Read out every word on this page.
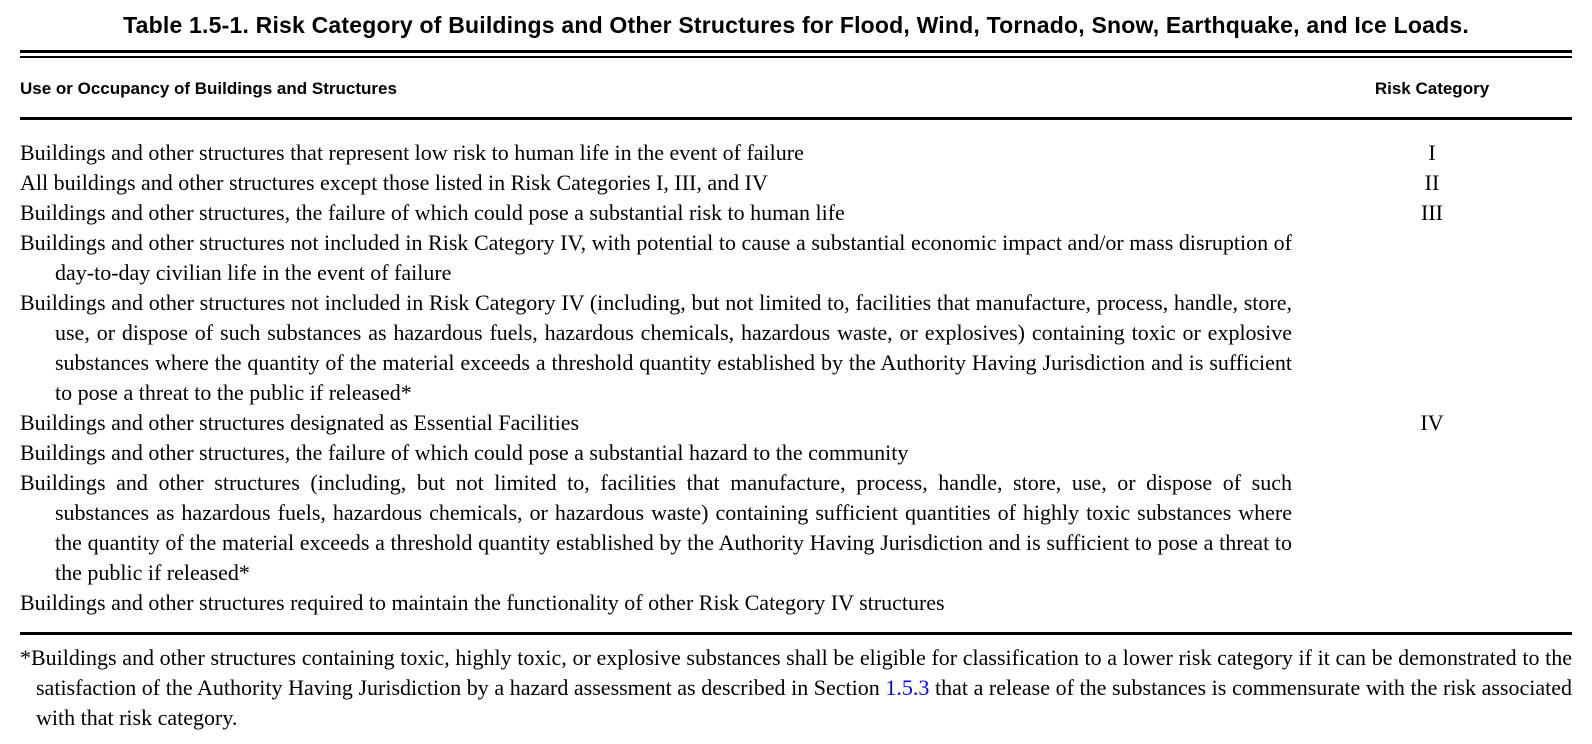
Table 1.5-1. Risk Category of Buildings and Other Structures for Flood, Wind, Tornado, Snow, Earthquake, and Ice Loads.
Use or Occupancy of Buildings and Structures	Risk Category
Buildings and other structures that represent low risk to human life in the event of failure	I
All buildings and other structures except those listed in Risk Categories I, III, and IV	II
Buildings and other structures, the failure of which could pose a substantial risk to human life	III
Buildings and other structures not included in Risk Category IV, with potential to cause a substantial economic impact and/or mass disruption of day-to-day civilian life in the event of failure
Buildings and other structures not included in Risk Category IV (including, but not limited to, facilities that manufacture, process, handle, store, use, or dispose of such substances as hazardous fuels, hazardous chemicals, hazardous waste, or explosives) containing toxic or explosive substances where the quantity of the material exceeds a threshold quantity established by the Authority Having Jurisdiction and is sufficient to pose a threat to the public if released*
Buildings and other structures designated as Essential Facilities	IV
Buildings and other structures, the failure of which could pose a substantial hazard to the community
Buildings and other structures (including, but not limited to, facilities that manufacture, process, handle, store, use, or dispose of such substances as hazardous fuels, hazardous chemicals, or hazardous waste) containing sufficient quantities of highly toxic substances where the quantity of the material exceeds a threshold quantity established by the Authority Having Jurisdiction and is sufficient to pose a threat to the public if released*
Buildings and other structures required to maintain the functionality of other Risk Category IV structures

*Buildings and other structures containing toxic, highly toxic, or explosive substances shall be eligible for classification to a lower risk category if it can be demonstrated to the satisfaction of the Authority Having Jurisdiction by a hazard assessment as described in Section 1.5.3 that a release of the substances is commensurate with the risk associated with that risk category.
